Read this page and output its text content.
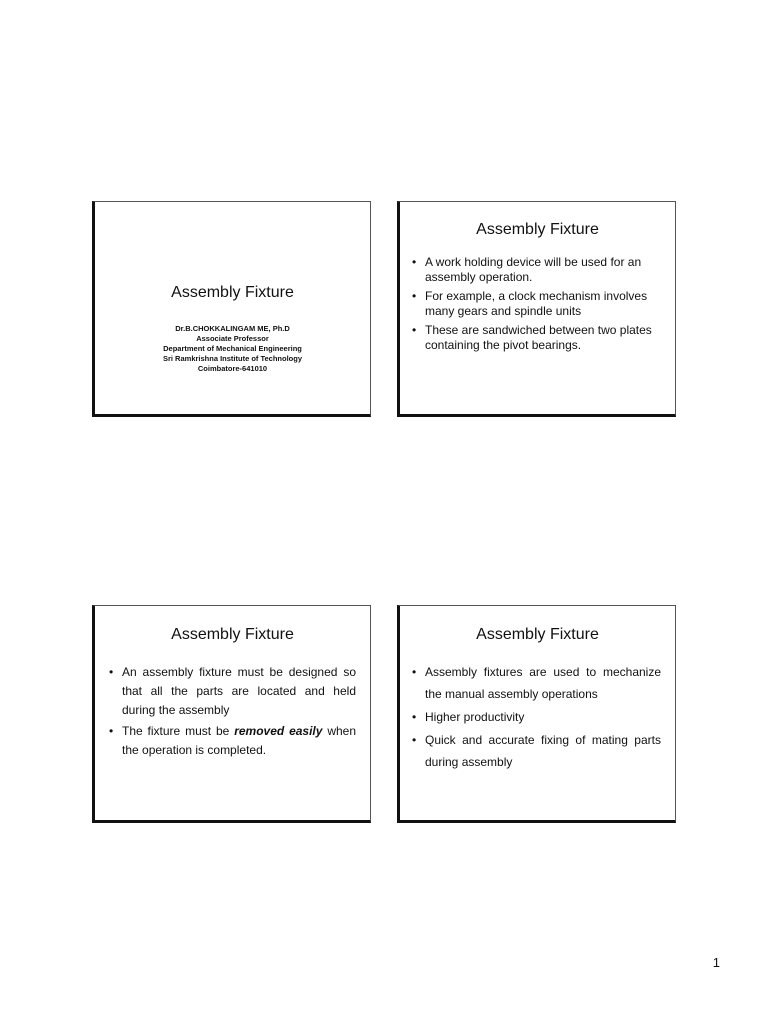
Assembly Fixture
Dr.B.CHOKKALINGAM ME, Ph.D
Associate Professor
Department of Mechanical Engineering
Sri Ramkrishna Institute of Technology
Coimbatore-641010
Assembly Fixture
• A work holding device will be used for an assembly operation.
• For example, a clock mechanism involves many gears and spindle units
• These are sandwiched between two plates containing the pivot bearings.
Assembly Fixture
• An assembly fixture must be designed so that all the parts are located and held during the assembly
• The fixture must be removed easily when the operation is completed.
Assembly Fixture
• Assembly fixtures are used to mechanize the manual assembly operations
• Higher productivity
• Quick and accurate fixing of mating parts during assembly
1
